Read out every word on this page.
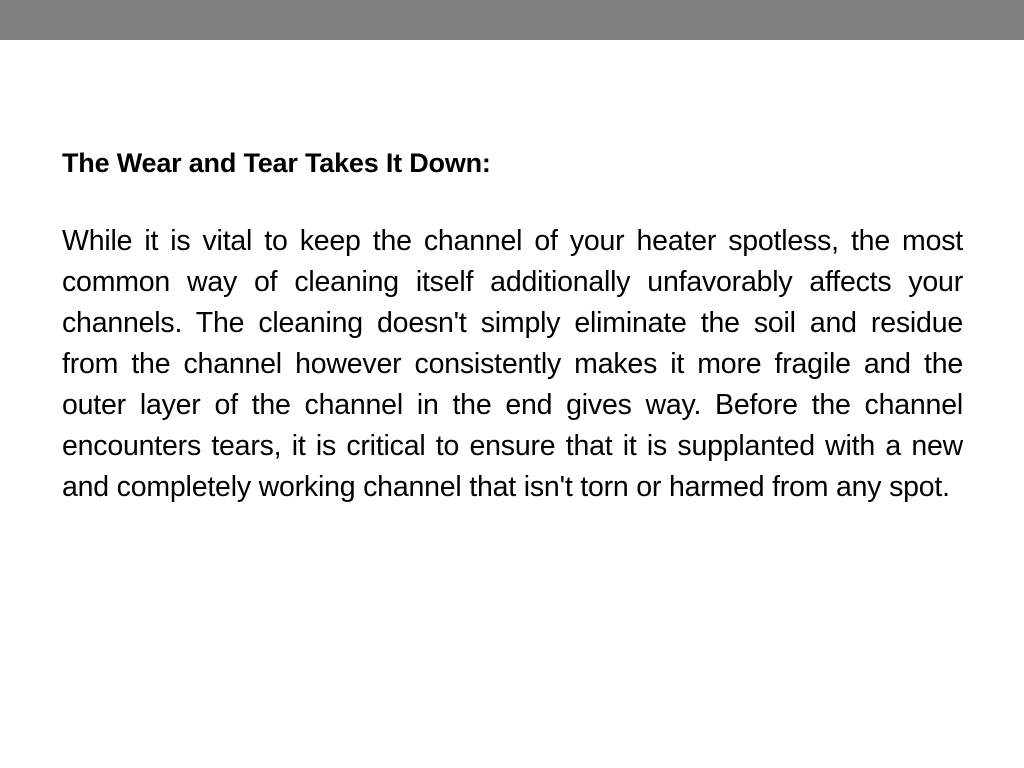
The Wear and Tear Takes It Down:

While it is vital to keep the channel of your heater spotless, the most common way of cleaning itself additionally unfavorably affects your channels. The cleaning doesn't simply eliminate the soil and residue from the channel however consistently makes it more fragile and the outer layer of the channel in the end gives way. Before the channel encounters tears, it is critical to ensure that it is supplanted with a new and completely working channel that isn't torn or harmed from any spot.
